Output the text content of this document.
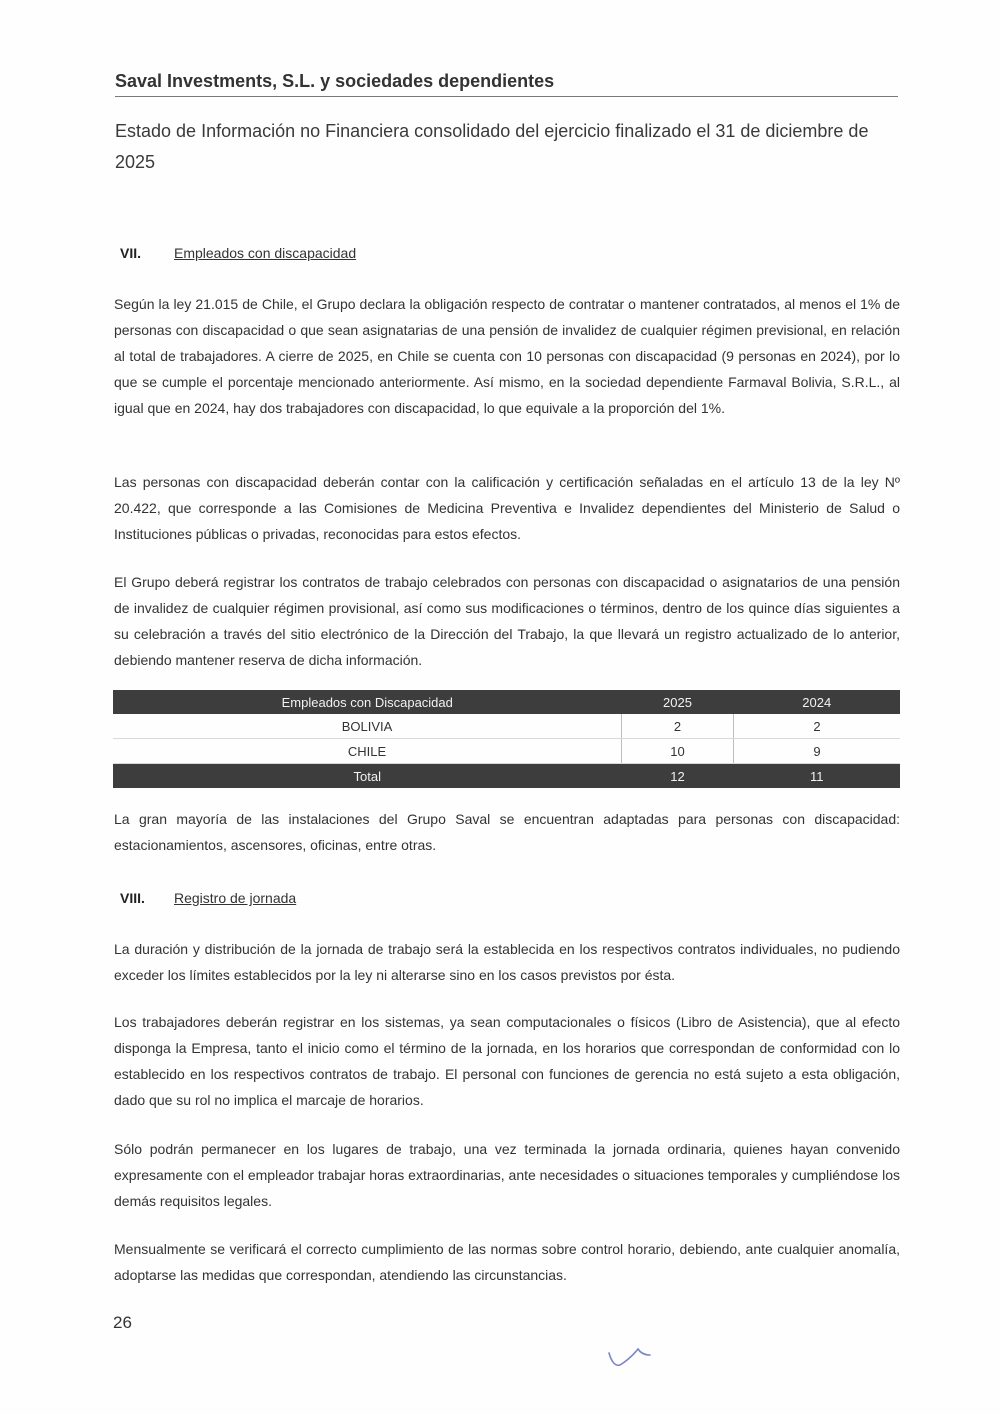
Saval Investments, S.L. y sociedades dependientes
Estado de Información no Financiera consolidado del ejercicio finalizado el 31 de diciembre de 2025
VII. Empleados con discapacidad

Según la ley 21.015 de Chile, el Grupo declara la obligación respecto de contratar o mantener contratados, al menos el 1% de personas con discapacidad o que sean asignatarias de una pensión de invalidez de cualquier régimen previsional, en relación al total de trabajadores. A cierre de 2025, en Chile se cuenta con 10 personas con discapacidad (9 personas en 2024), por lo que se cumple el porcentaje mencionado anteriormente. Así mismo, en la sociedad dependiente Farmaval Bolivia, S.R.L., al igual que en 2024, hay dos trabajadores con discapacidad, lo que equivale a la proporción del 1%.

Las personas con discapacidad deberán contar con la calificación y certificación señaladas en el artículo 13 de la ley Nº 20.422, que corresponde a las Comisiones de Medicina Preventiva e Invalidez dependientes del Ministerio de Salud o Instituciones públicas o privadas, reconocidas para estos efectos.

El Grupo deberá registrar los contratos de trabajo celebrados con personas con discapacidad o asignatarios de una pensión de invalidez de cualquier régimen provisional, así como sus modificaciones o términos, dentro de los quince días siguientes a su celebración a través del sitio electrónico de la Dirección del Trabajo, la que llevará un registro actualizado de lo anterior, debiendo mantener reserva de dicha información.

Empleados con Discapacidad	2025	2024
BOLIVIA	2	2
CHILE	10	9
Total	12	11

La gran mayoría de las instalaciones del Grupo Saval se encuentran adaptadas para personas con discapacidad: estacionamientos, ascensores, oficinas, entre otras.

VIII. Registro de jornada

La duración y distribución de la jornada de trabajo será la establecida en los respectivos contratos individuales, no pudiendo exceder los límites establecidos por la ley ni alterarse sino en los casos previstos por ésta.

Los trabajadores deberán registrar en los sistemas, ya sean computacionales o físicos (Libro de Asistencia), que al efecto disponga la Empresa, tanto el inicio como el término de la jornada, en los horarios que correspondan de conformidad con lo establecido en los respectivos contratos de trabajo. El personal con funciones de gerencia no está sujeto a esta obligación, dado que su rol no implica el marcaje de horarios.

Sólo podrán permanecer en los lugares de trabajo, una vez terminada la jornada ordinaria, quienes hayan convenido expresamente con el empleador trabajar horas extraordinarias, ante necesidades o situaciones temporales y cumpliéndose los demás requisitos legales.

Mensualmente se verificará el correcto cumplimiento de las normas sobre control horario, debiendo, ante cualquier anomalía, adoptarse las medidas que correspondan, atendiendo las circunstancias.

26
